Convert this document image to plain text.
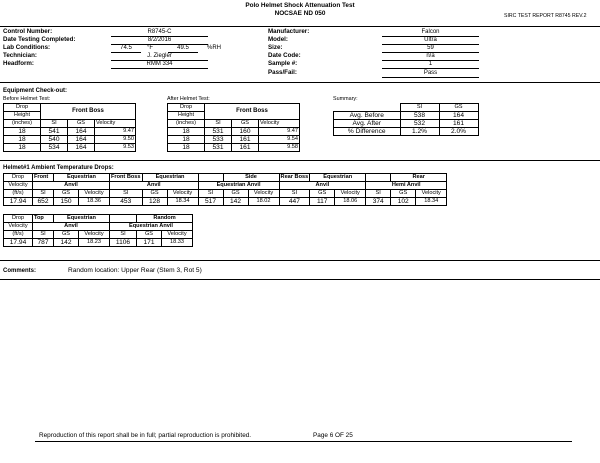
Polo Helmet Shock Attenuation Test
NOCSAE ND 050	SIRC TEST REPORT R8745 REV.2
Control Number:	R8745-C
Date Testing Completed:	8/2/2016
Lab Conditions:	74.5	°F	49.5	%RH
Technician:	J. Ziegler
Headform:	RMM 334
Manufacturer:	Falcon
Model:	Ultra
Size:	59
Date Code:	n/a
Sample #:	1
Pass/Fail:	Pass
Equipment Check-out:
Before Helmet Test:	After Helmet Test:	Summary:
Drop	Front Boss		
Height			
(inches)	SI	GS	Velocity
18	541	164	9.47
18	540	164	9.50
18	534	164	9.53
Drop	Front Boss		
Height			
(inches)	SI	GS	Velocity
18	531	160	9.47
18	533	161	9.54
18	531	161	9.58
	SI	GS
Avg. Before	538	164
Avg. After	532	161
% Difference	1.2%	2.0%
Helmet#1 Ambient Temperature Drops:
Drop	Front	Equestrian		Front Boss	Equestrian			Side		Rear Boss	Equestrian			Rear	
Velocity	Anvil			Anvil			Equestrian Anvil			Anvil			Hemi Anvil		
(ft/s)	SI	GS	Velocity	SI	GS	Velocity	SI	GS	Velocity	SI	GS	Velocity	SI	GS	Velocity
17.94	652	150	18.36	453	128	18.34	517	142	18.02	447	117	18.06	374	102	18.34
Drop	Top	Equestrian			Random	
Velocity	Anvil			Equestrian Anvil		
(ft/s)	SI	GS	Velocity	SI	GS	Velocity
17.94	787	142	18.23	1106	171	18.33
Comments:	Random location: Upper Rear (Stem 3, Rot 5)
Reproduction of this report shall be in full; partial reproduction is prohibited.	Page 6 OF 25
